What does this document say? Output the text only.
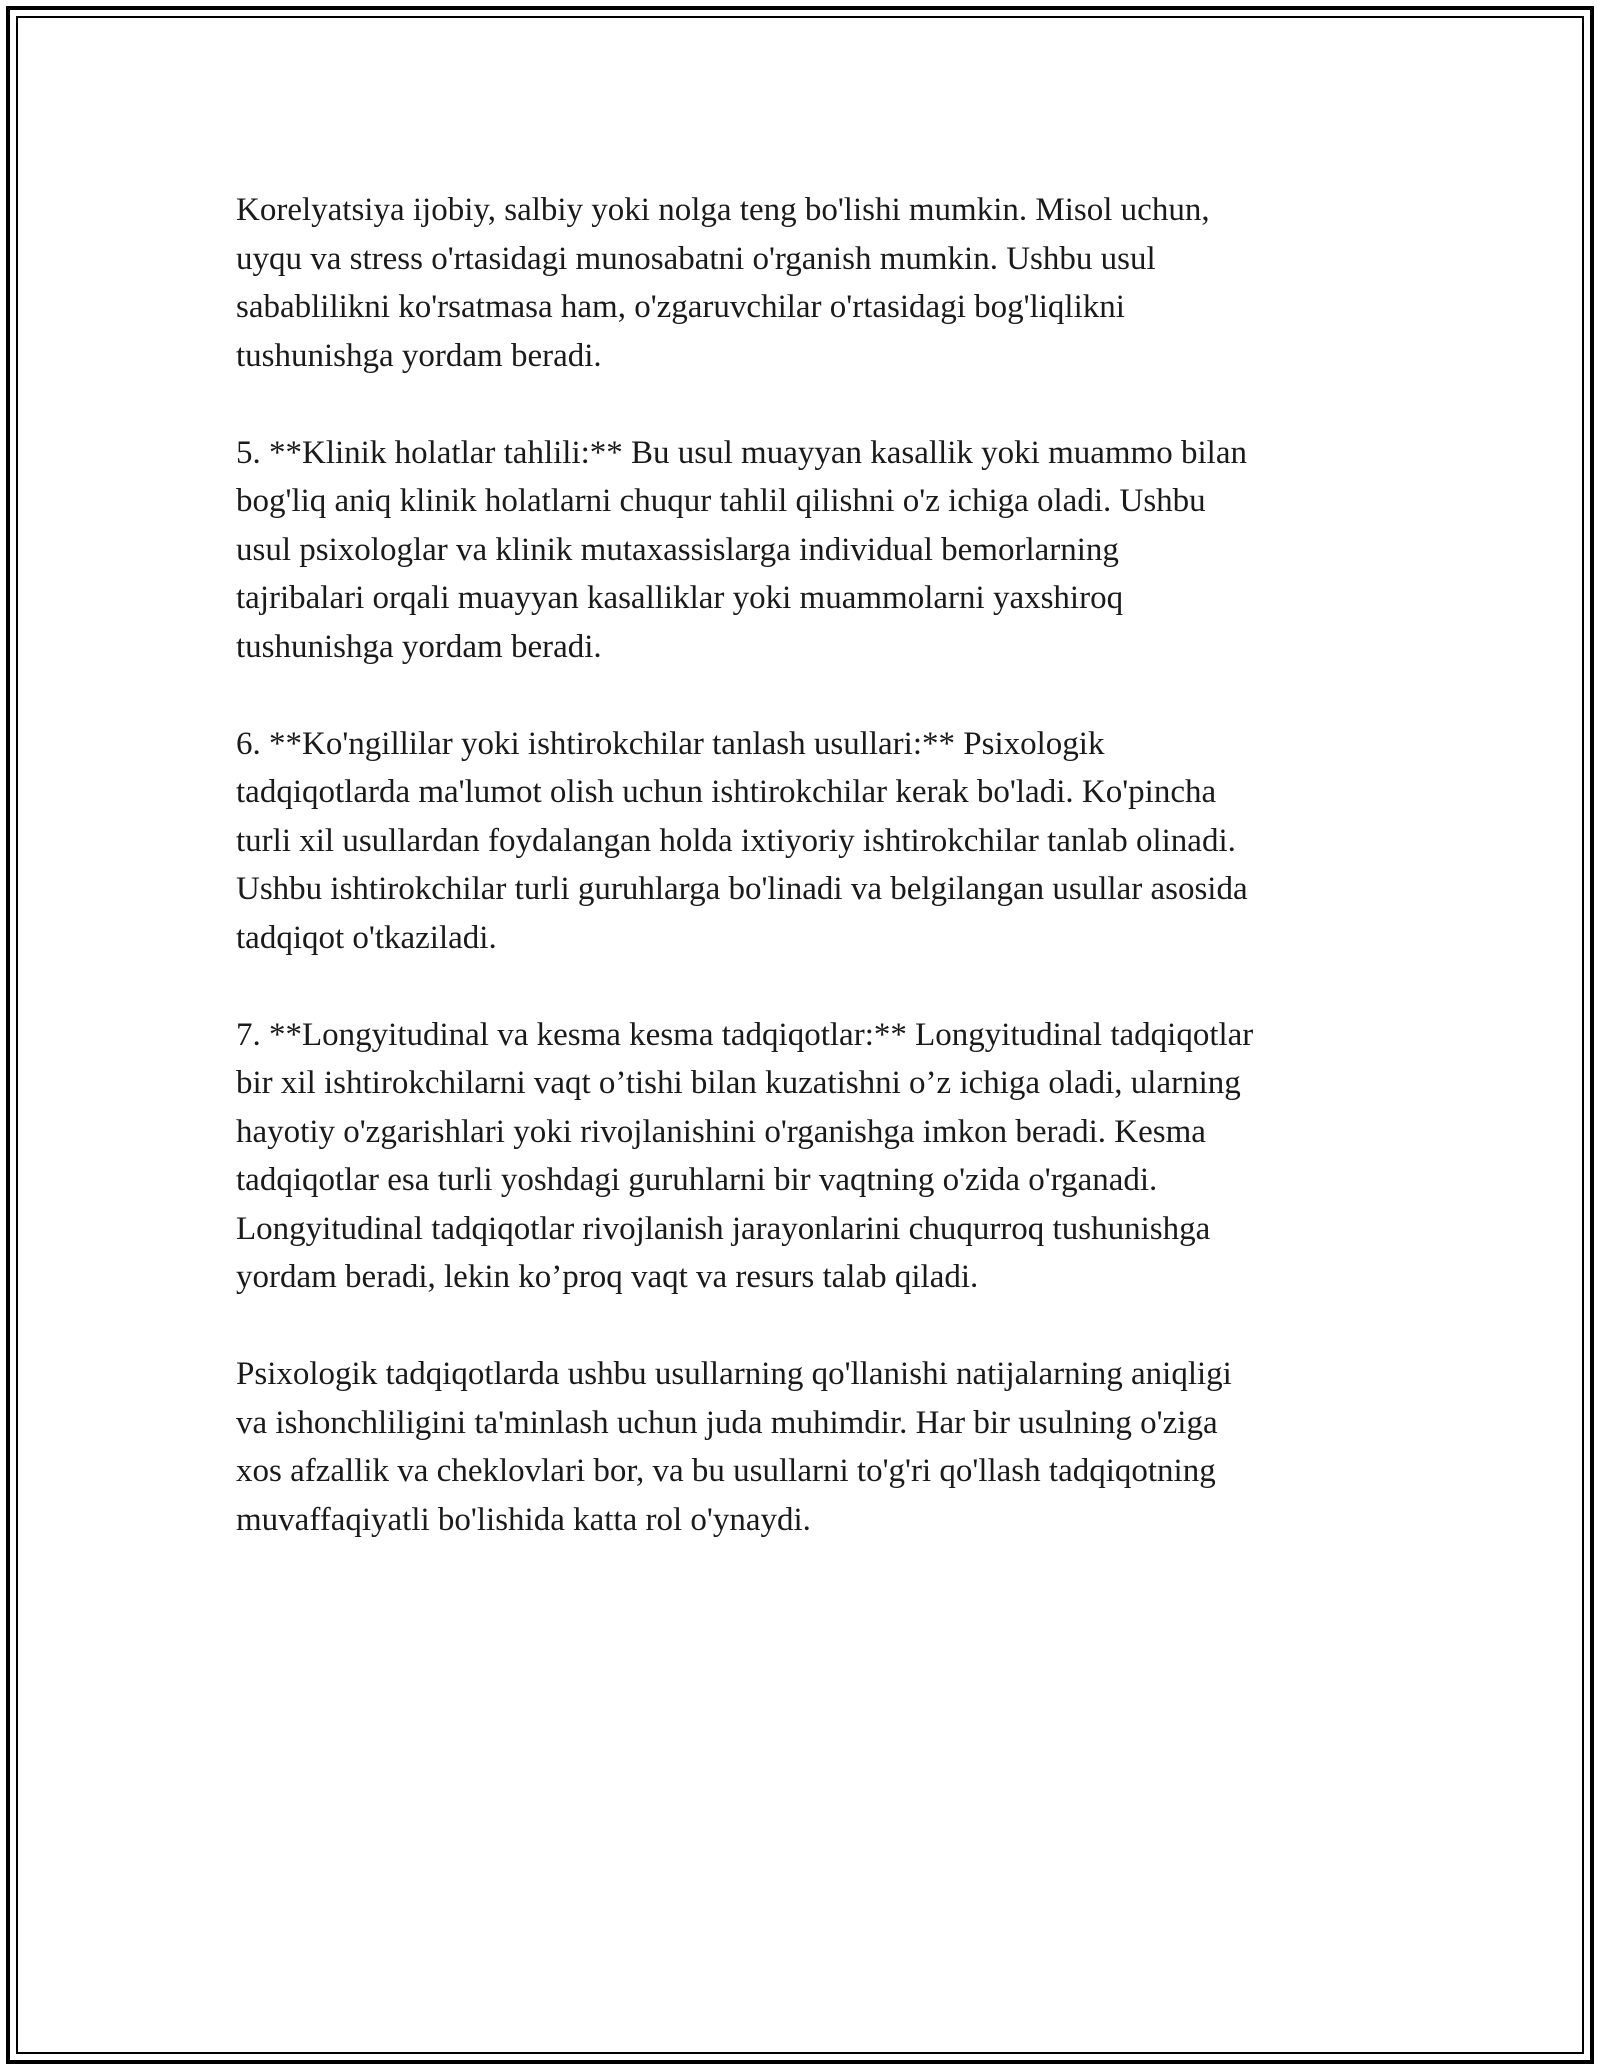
Korelyatsiya ijobiy, salbiy yoki nolga teng bo'lishi mumkin. Misol uchun,
uyqu va stress o'rtasidagi munosabatni o'rganish mumkin. Ushbu usul
sabablilikni ko'rsatmasa ham, o'zgaruvchilar o'rtasidagi bog'liqlikni
tushunishga yordam beradi.

5. **Klinik holatlar tahlili:** Bu usul muayyan kasallik yoki muammo bilan
bog'liq aniq klinik holatlarni chuqur tahlil qilishni o'z ichiga oladi. Ushbu
usul psixologlar va klinik mutaxassislarga individual bemorlarning
tajribalari orqali muayyan kasalliklar yoki muammolarni yaxshiroq
tushunishga yordam beradi.

6. **Ko'ngillilar yoki ishtirokchilar tanlash usullari:** Psixologik
tadqiqotlarda ma'lumot olish uchun ishtirokchilar kerak bo'ladi. Ko'pincha
turli xil usullardan foydalangan holda ixtiyoriy ishtirokchilar tanlab olinadi.
Ushbu ishtirokchilar turli guruhlarga bo'linadi va belgilangan usullar asosida
tadqiqot o'tkaziladi.

7. **Longyitudinal va kesma kesma tadqiqotlar:** Longyitudinal tadqiqotlar
bir xil ishtirokchilarni vaqt o’tishi bilan kuzatishni o’z ichiga oladi, ularning
hayotiy o'zgarishlari yoki rivojlanishini o'rganishga imkon beradi. Kesma
tadqiqotlar esa turli yoshdagi guruhlarni bir vaqtning o'zida o'rganadi.
Longyitudinal tadqiqotlar rivojlanish jarayonlarini chuqurroq tushunishga
yordam beradi, lekin ko’proq vaqt va resurs talab qiladi.

Psixologik tadqiqotlarda ushbu usullarning qo'llanishi natijalarning aniqligi
va ishonchliligini ta'minlash uchun juda muhimdir. Har bir usulning o'ziga
xos afzallik va cheklovlari bor, va bu usullarni to'g'ri qo'llash tadqiqotning
muvaffaqiyatli bo'lishida katta rol o'ynaydi.
